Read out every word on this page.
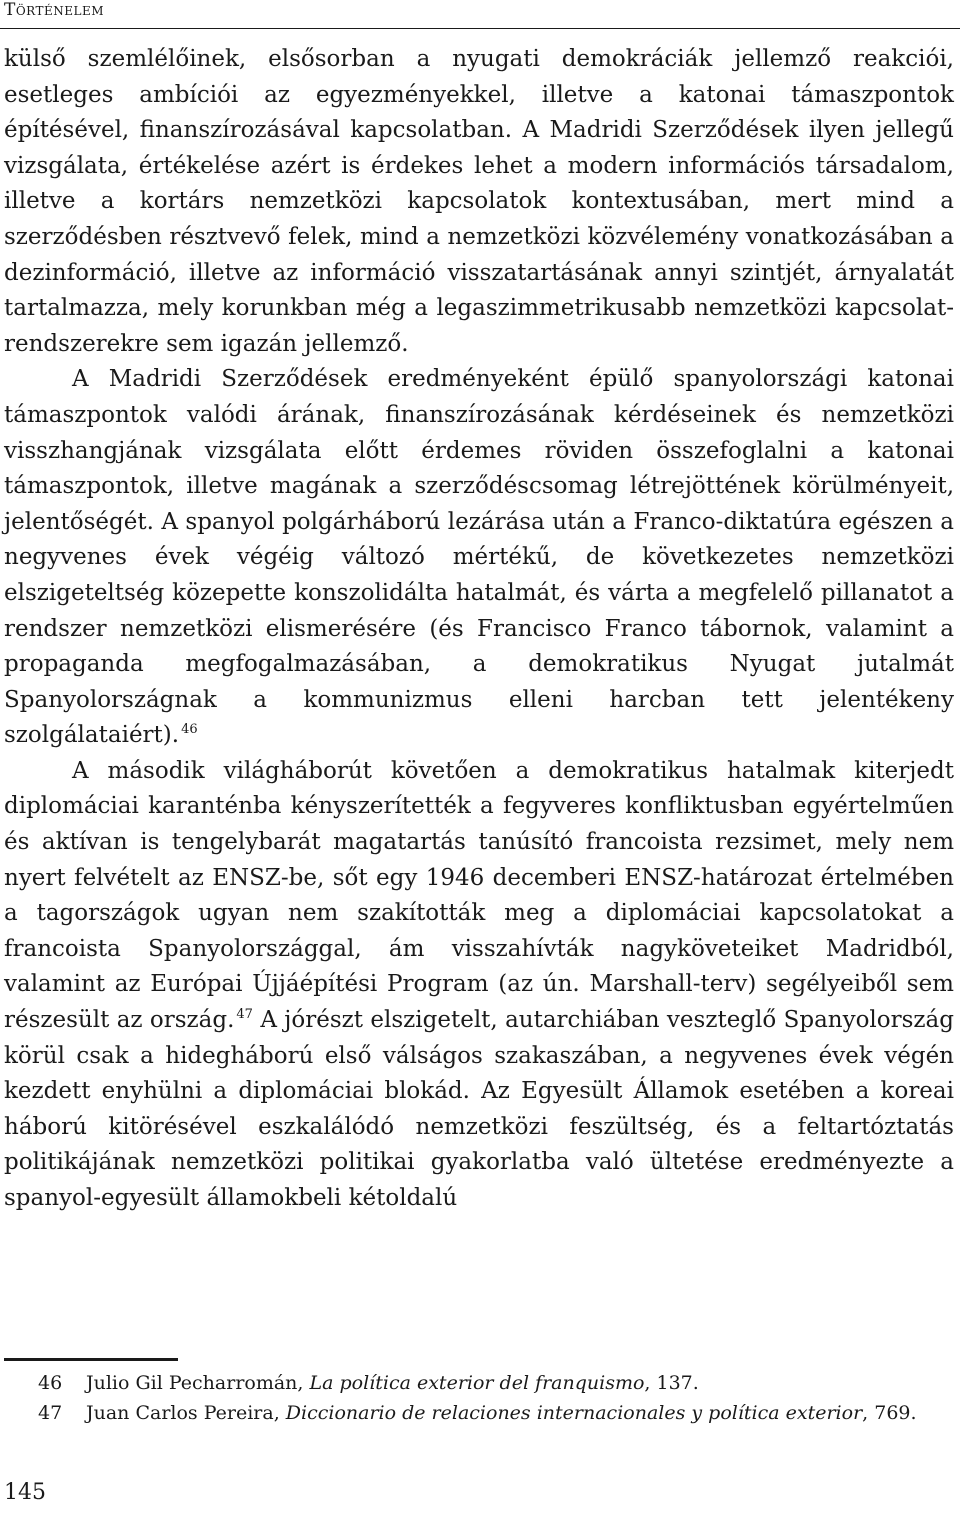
Történelem

külső szemlélőinek, elsősorban a nyugati demokráciák jellemző reakciói, esetleges ambíciói az egyezményekkel, illetve a katonai támaszpontok építésével, finanszírozásával kapcsolatban. A Madridi Szerződések ilyen jellegű vizsgálata, értékelése azért is érdekes lehet a modern információs társadalom, illetve a kortárs nemzetközi kapcsolatok kontextusában, mert mind a szerződésben résztvevő felek, mind a nemzetközi közvélemény vonatkozásában a dezinformáció, illetve az információ visszatartásának annyi szintjét, árnyalatát tartalmazza, mely korunkban még a legaszimmetrikusabb nemzetközi kapcsolatrendszerekre sem igazán jellemző.

A Madridi Szerződések eredményeként épülő spanyolországi katonai támaszpontok valódi árának, finanszírozásának kérdéseinek és nemzetközi visszhangjának vizsgálata előtt érdemes röviden összefoglalni a katonai támaszpontok, illetve magának a szerződéscsomag létrejöttének körülményeit, jelentőségét. A spanyol polgárháború lezárása után a Franco-diktatúra egészen a negyvenes évek végéig változó mértékű, de következetes nemzetközi elszigeteltség közepette konszolidálta hatalmát, és várta a megfelelő pillanatot a rendszer nemzetközi elismerésére (és Francisco Franco tábornok, valamint a propaganda megfogalmazásában, a demokratikus Nyugat jutalmát Spanyolországnak a kommunizmus elleni harcban tett jelentékeny szolgálataiért). $^{46}$

A második világháborút követően a demokratikus hatalmak kiterjedt diplomáciai karanténba kényszerítették a fegyveres konfliktusban egyértelműen és aktívan is tengelybarát magatartás tanúsító francoista rezsimet, mely nem nyert felvételt az ENSZ-be, sőt egy 1946 decemberi ENSZ-határozat értelmében a tagországok ugyan nem szakították meg a diplomáciai kapcsolatokat a francoista Spanyolországgal, ám visszahívták nagyköveteiket Madridból, valamint az Európai Újjáépítési Program (az ún. Marshall-terv) segélyeiből sem részesült az ország. $^{47}$ A jórészt elszigetelt, autarchiában veszteglő Spanyolország körül csak a hidegháború első válságos szakaszában, a negyvenes évek végén kezdett enyhülni a diplomáciai blokád. Az Egyesült Államok esetében a koreai háború kitörésével eszkalálódó nemzetközi feszültség, és a feltartóztatás politikájának nemzetközi politikai gyakorlatba való ültetése eredményezte a spanyol-egyesült államokbeli kétoldalú

46 Julio Gil Pecharromán, La política exterior del franquismo, 137.

47 Juan Carlos Pereira, Diccionario de relaciones internacionales y política exterior, 769.

145
